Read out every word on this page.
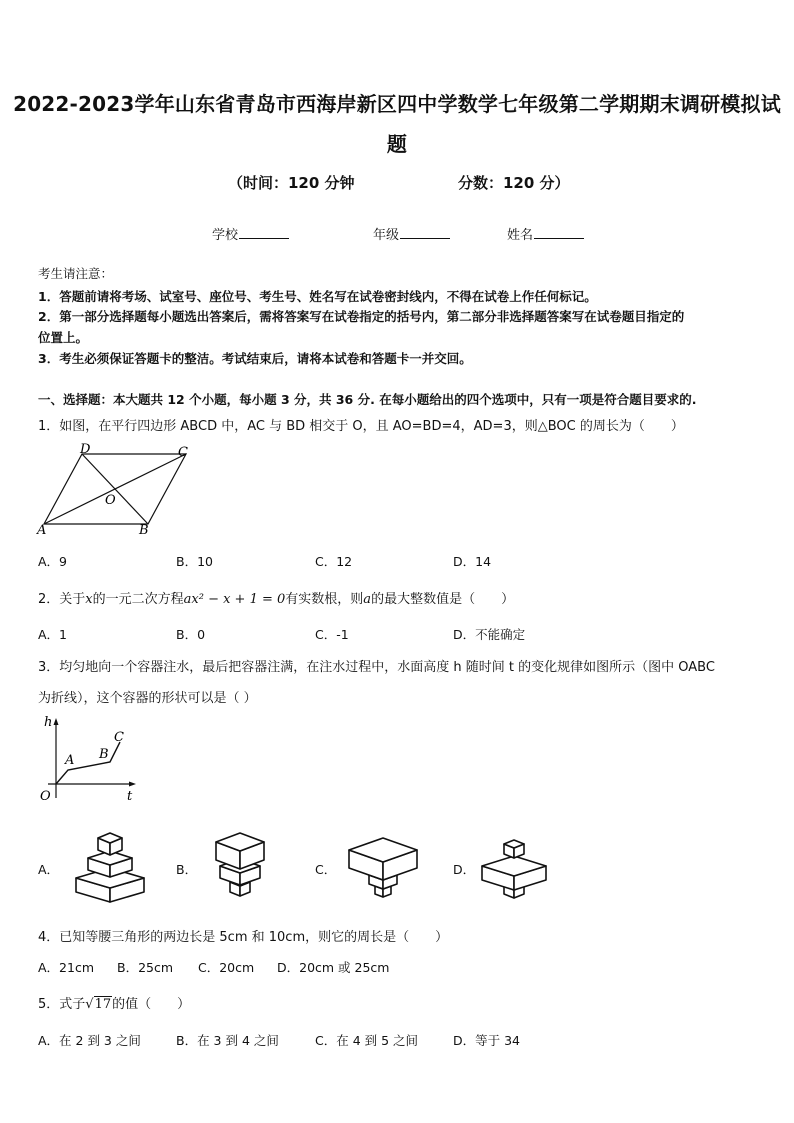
2022-2023学年山东省青岛市西海岸新区四中学数学七年级第二学期期末调研模拟试
题
（时间：120 分钟	分数：120 分）
学校	年级	姓名
考生请注意：
1．答题前请将考场、试室号、座位号、考生号、姓名写在试卷密封线内，不得在试卷上作任何标记。
2．第一部分选择题每小题选出答案后，需将答案写在试卷指定的括号内，第二部分非选择题答案写在试卷题目指定的
位置上。
3．考生必须保证答题卡的整洁。考试结束后，请将本试卷和答题卡一并交回。
一、选择题：本大题共 12 个小题，每小题 3 分，共 36 分. 在每小题给出的四个选项中，只有一项是符合题目要求的.
1．如图，在平行四边形 ABCD 中，AC 与 BD 相交于 O，且 AO=BD=4，AD=3，则△BOC 的周长为（　　）
D	C
O
A	B
A．9	B．10	C．12	D．14
2．关于x的一元二次方程ax² − x + 1 = 0有实数根，则a的最大整数值是（　　）
A．1	B．0	C．-1	D．不能确定
3．均匀地向一个容器注水，最后把容器注满，在注水过程中，水面高度 h 随时间 t 的变化规律如图所示（图中 OABC
为折线），这个容器的形状可以是（ ）
h
C
B
A
O	t
A．	B．	C．	D．
4．已知等腰三角形的两边长是 5cm 和 10cm，则它的周长是（　　）
A．21cm B．25cm C．20cm D．20cm 或 25cm
5．式子√17的值（　　）
A．在 2 到 3 之间	B．在 3 到 4 之间	C．在 4 到 5 之间	D．等于 34
